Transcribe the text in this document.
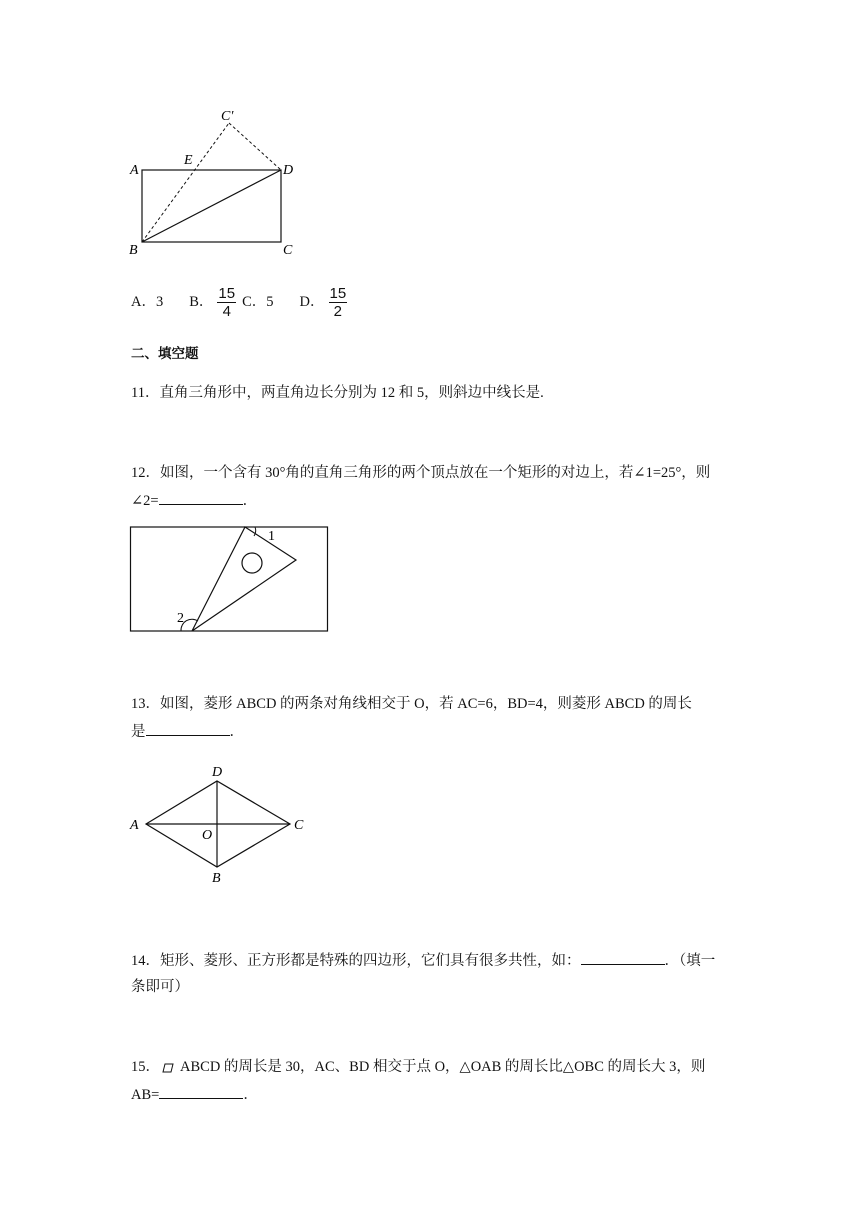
C′
A
E
D
B	C
A． 3 B． $\frac{15}{4}$ C． 5 D． $\frac{15}{2}$
二、填空题
11．直角三角形中，两直角边长分别为 12 和 5，则斜边中线长是.
12．如图，一个含有 30°角的直角三角形的两个顶点放在一个矩形的对边上，若∠1=25°，则
∠2=	．
1
2
13．如图，菱形 ABCD 的两条对角线相交于 O，若 AC=6，BD=4，则菱形 ABCD 的周长
是	．
D
A	C
O
B
14．矩形、菱形、正方形都是特殊的四边形，它们具有很多共性，如：	．（填一
条即可）
15． ABCD 的周长是 30，AC、BD 相交于点 O，△OAB 的周长比△OBC 的周长大 3，则
AB=	．
